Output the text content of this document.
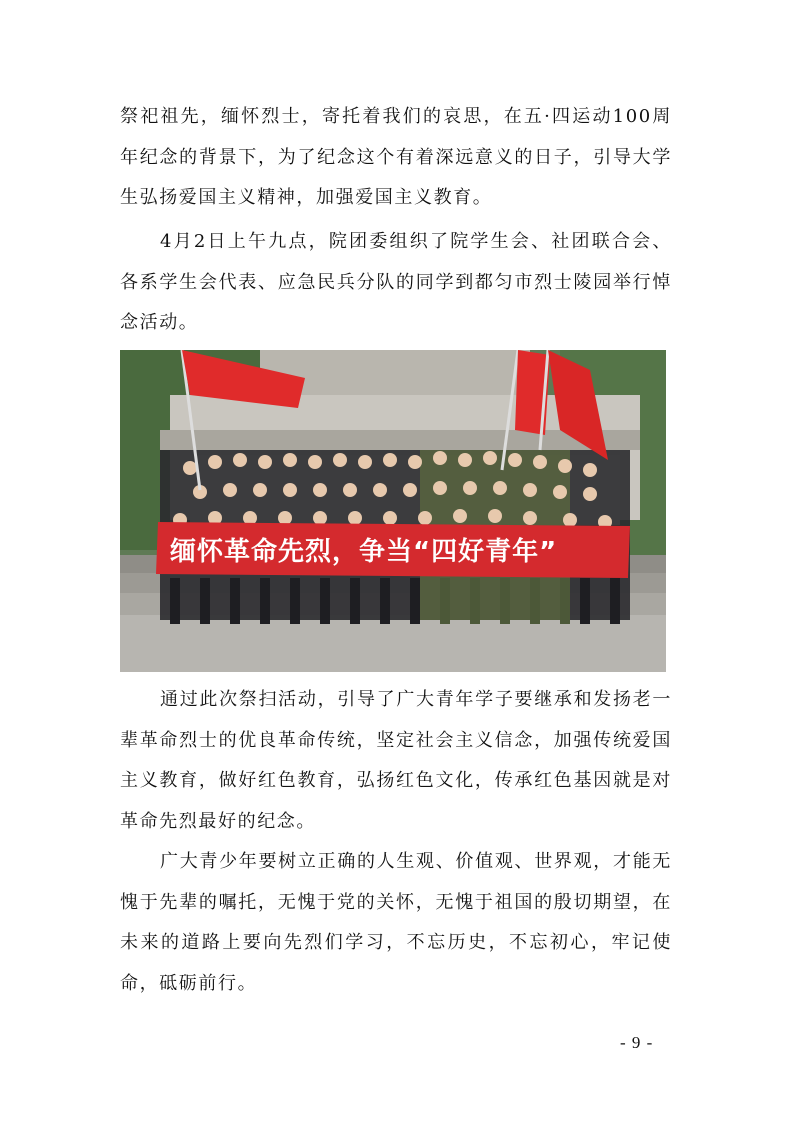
祭祀祖先，缅怀烈士，寄托着我们的哀思，在五·四运动100周年纪念的背景下，为了纪念这个有着深远意义的日子，引导大学生弘扬爱国主义精神，加强爱国主义教育。

4月2日上午九点，院团委组织了院学生会、社团联合会、各系学生会代表、应急民兵分队的同学到都匀市烈士陵园举行悼念活动。

缅怀革命先烈，争当“四好青年”

通过此次祭扫活动，引导了广大青年学子要继承和发扬老一辈革命烈士的优良革命传统，坚定社会主义信念，加强传统爱国主义教育，做好红色教育，弘扬红色文化，传承红色基因就是对革命先烈最好的纪念。

广大青少年要树立正确的人生观、价值观、世界观，才能无愧于先辈的嘱托，无愧于党的关怀，无愧于祖国的殷切期望，在未来的道路上要向先烈们学习，不忘历史，不忘初心，牢记使命，砥砺前行。

- 9 -
